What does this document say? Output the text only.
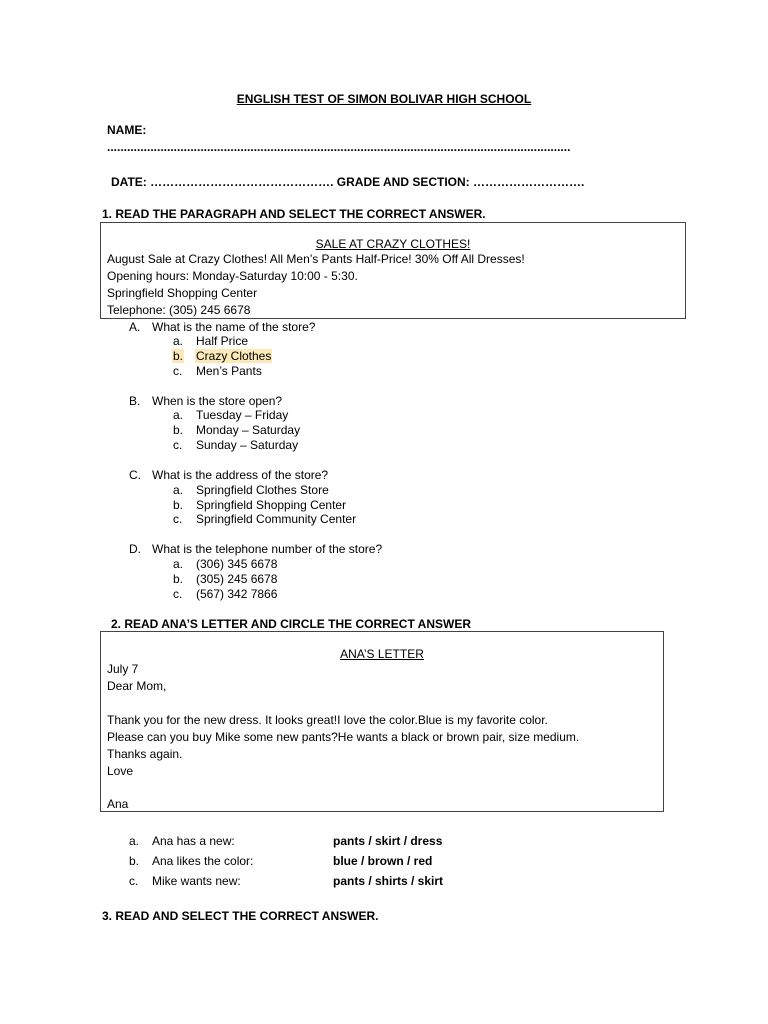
ENGLISH TEST OF SIMON BOLIVAR HIGH SCHOOL
NAME:
...........................................................................................................................................
DATE: ………………………………………. GRADE AND SECTION: ……………………….
1. READ THE PARAGRAPH AND SELECT THE CORRECT ANSWER.
SALE AT CRAZY CLOTHES!
August Sale at Crazy Clothes! All Men’s Pants Half-Price! 30% Off All Dresses!
Opening hours: Monday-Saturday 10:00 - 5:30.
Springfield Shopping Center
Telephone: (305) 245 6678
A. What is the name of the store?
a. Half Price
b. Crazy Clothes
c. Men’s Pants
B. When is the store open?
a. Tuesday – Friday
b. Monday – Saturday
c. Sunday – Saturday
C. What is the address of the store?
a. Springfield Clothes Store
b. Springfield Shopping Center
c. Springfield Community Center
D. What is the telephone number of the store?
a. (306) 345 6678
b. (305) 245 6678
c. (567) 342 7866
2. READ ANA’S LETTER AND CIRCLE THE CORRECT ANSWER
ANA’S LETTER
July 7
Dear Mom,
Thank you for the new dress. It looks great!I love the color.Blue is my favorite color.
Please can you buy Mike some new pants?He wants a black or brown pair, size medium.
Thanks again.
Love
Ana
a. Ana has a new:	pants / skirt / dress
b. Ana likes the color:	blue / brown / red
c. Mike wants new:	pants / shirts / skirt
3. READ AND SELECT THE CORRECT ANSWER.
